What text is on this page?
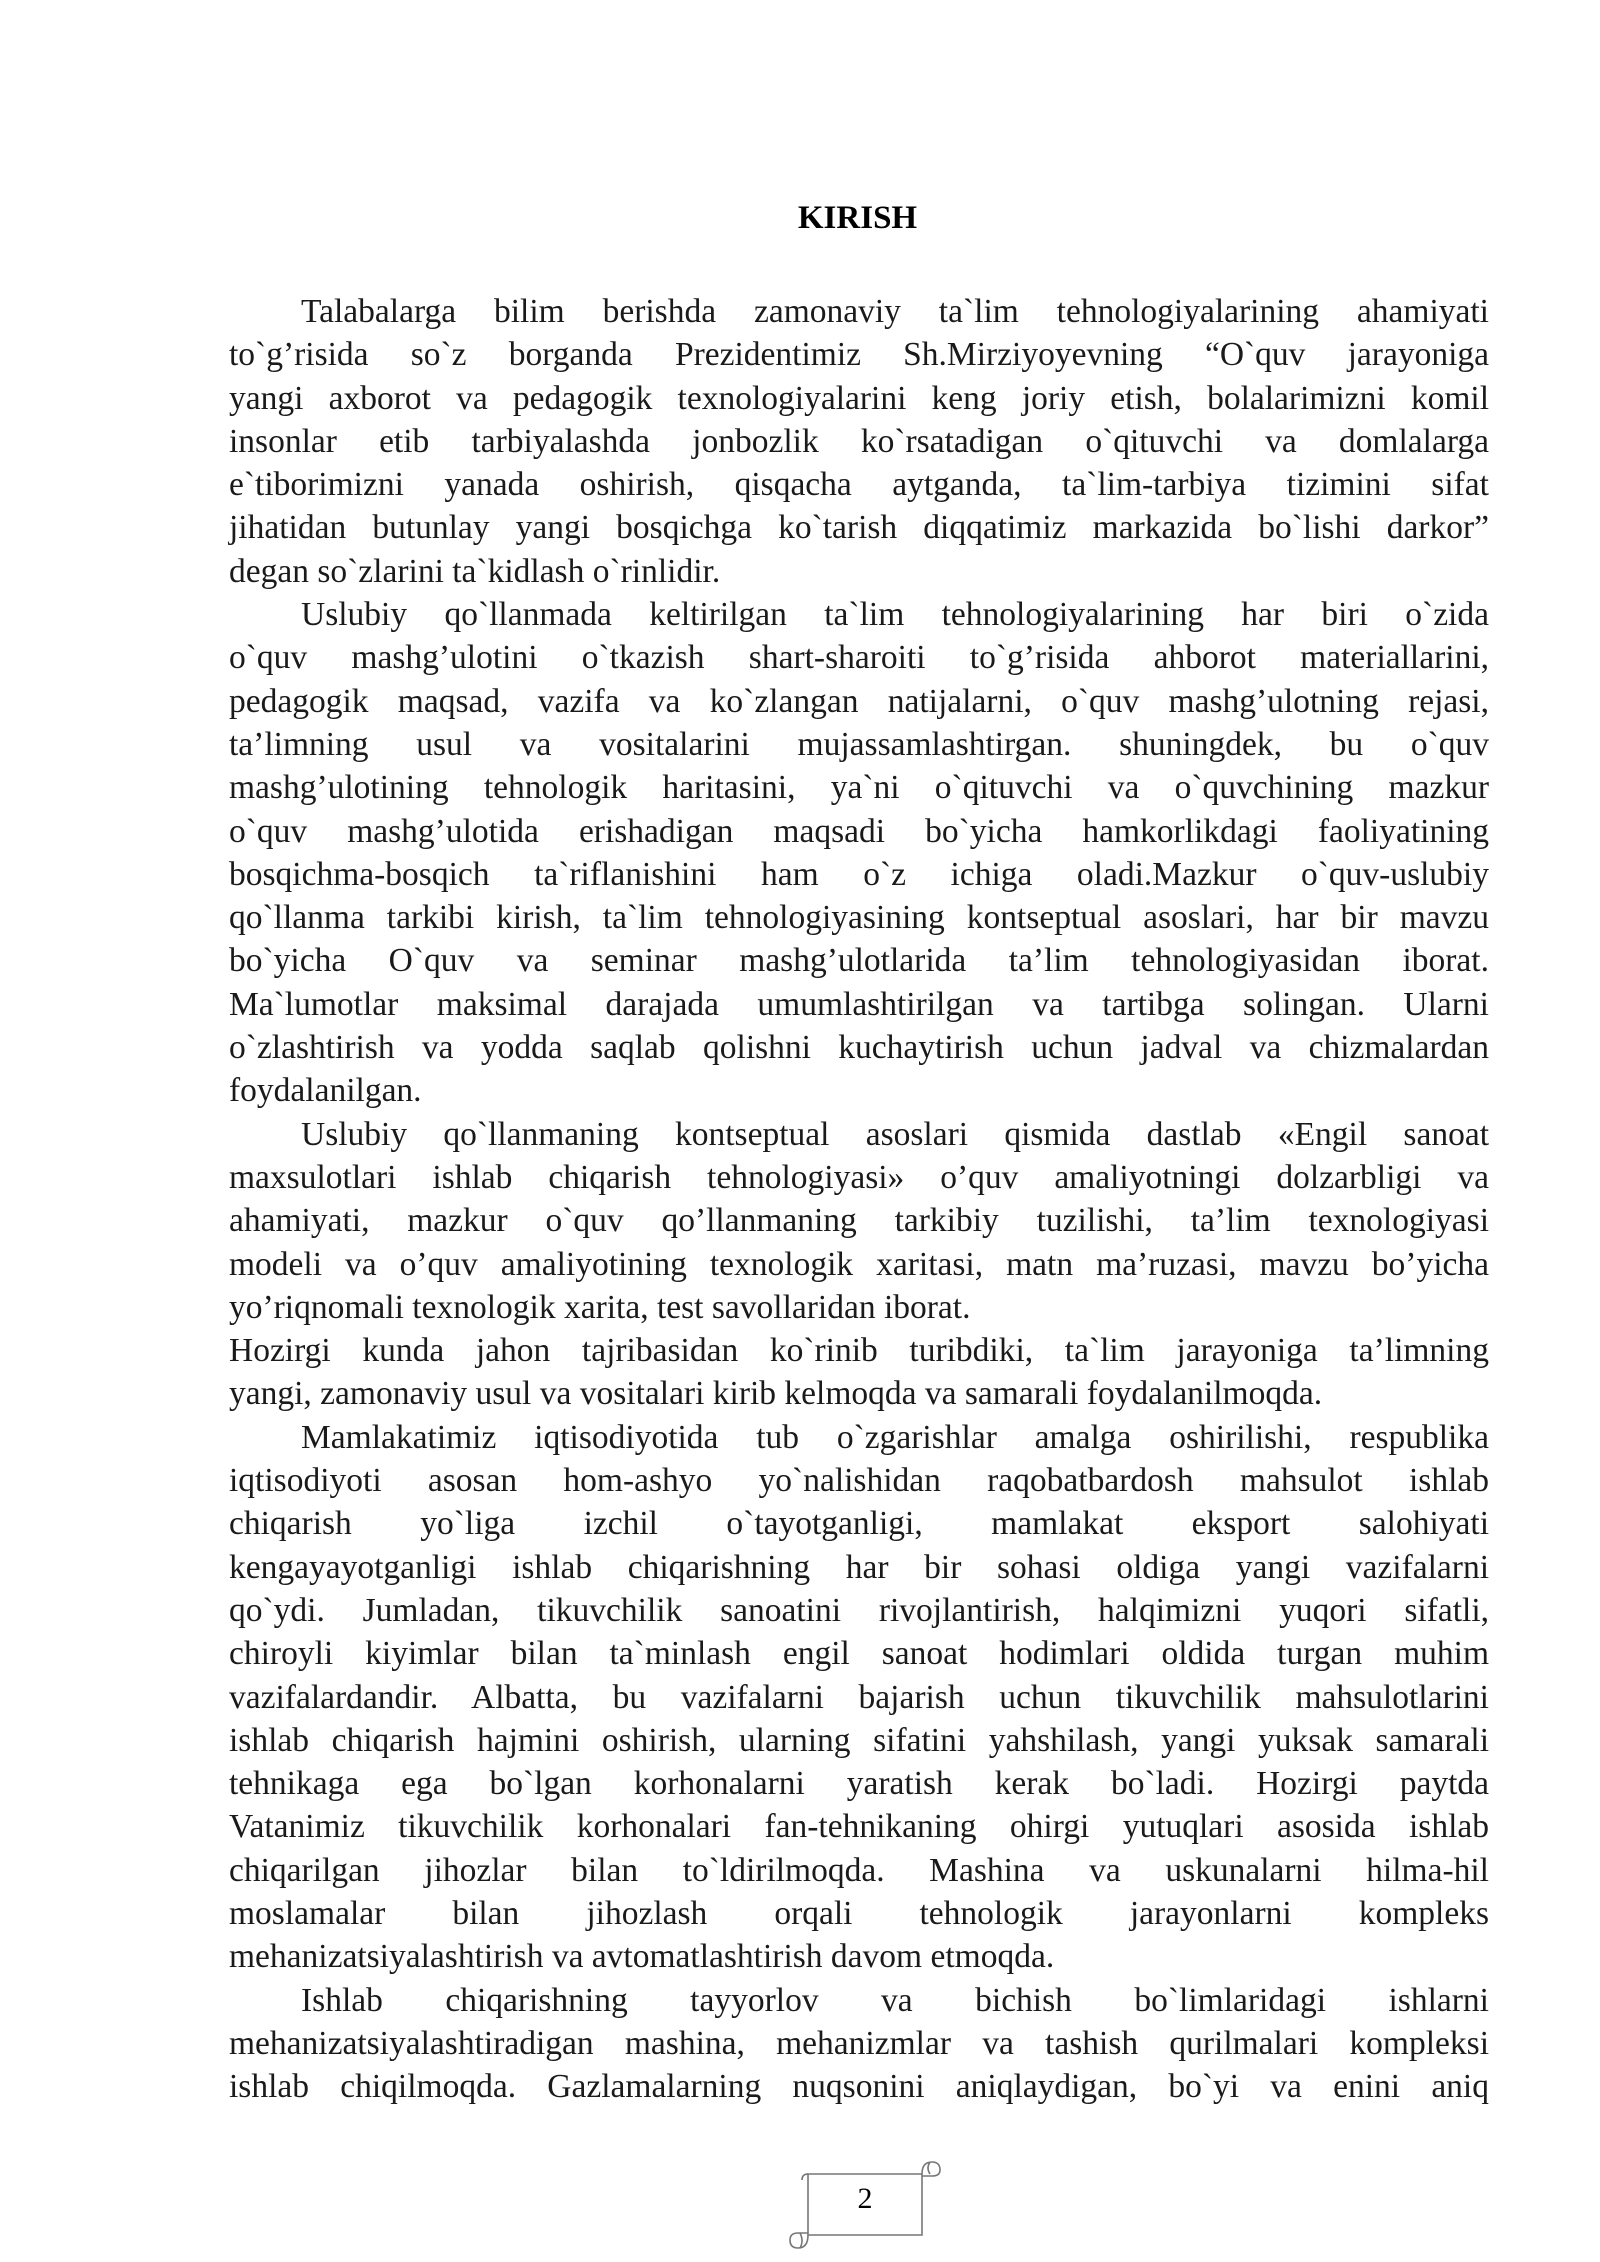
KIRISH
Talabalarga bilim berishda zamonaviy ta`lim tehnologiyalarining ahamiyati
to`g’risida so`z borganda Prezidentimiz Sh.Mirziyoyevning “O`quv jarayoniga
yangi axborot va pedagogik texnologiyalarini keng joriy etish, bolalarimizni komil
insonlar etib tarbiyalashda jonbozlik ko`rsatadigan o`qituvchi va domlalarga
e`tiborimizni yanada oshirish, qisqacha aytganda, ta`lim-tarbiya tizimini sifat
jihatidan butunlay yangi bosqichga ko`tarish diqqatimiz markazida bo`lishi darkor”
degan so`zlarini ta`kidlash o`rinlidir.
Uslubiy qo`llanmada keltirilgan ta`lim tehnologiyalarining har biri o`zida
o`quv mashg’ulotini o`tkazish shart-sharoiti to`g’risida ahborot materiallarini,
pedagogik maqsad, vazifa va ko`zlangan natijalarni, o`quv mashg’ulotning rejasi,
ta’limning usul va vositalarini mujassamlashtirgan. shuningdek, bu o`quv
mashg’ulotining tehnologik haritasini, ya`ni o`qituvchi va o`quvchining mazkur
o`quv mashg’ulotida erishadigan maqsadi bo`yicha hamkorlikdagi faoliyatining
bosqichma-bosqich ta`riflanishini ham o`z ichiga oladi.Mazkur o`quv-uslubiy
qo`llanma tarkibi kirish, ta`lim tehnologiyasining kontseptual asoslari, har bir mavzu
bo`yicha O`quv va seminar mashg’ulotlarida ta’lim tehnologiyasidan iborat.
Ma`lumotlar maksimal darajada umumlashtirilgan va tartibga solingan. Ularni
o`zlashtirish va yodda saqlab qolishni kuchaytirish uchun jadval va chizmalardan
foydalanilgan.
Uslubiy qo`llanmaning kontseptual asoslari qismida dastlab «Engil sanoat
maxsulotlari ishlab chiqarish tehnologiyasi» o’quv amaliyotningi dolzarbligi va
ahamiyati, mazkur o`quv qo’llanmaning tarkibiy tuzilishi, ta’lim texnologiyasi
modeli va o’quv amaliyotining texnologik xaritasi, matn ma’ruzasi, mavzu bo’yicha
yo’riqnomali texnologik xarita, test savollaridan iborat.
Hozirgi kunda jahon tajribasidan ko`rinib turibdiki, ta`lim jarayoniga ta’limning
yangi, zamonaviy usul va vositalari kirib kelmoqda va samarali foydalanilmoqda.
Mamlakatimiz iqtisodiyotida tub o`zgarishlar amalga oshirilishi, respublika
iqtisodiyoti asosan hom-ashyo yo`nalishidan raqobatbardosh mahsulot ishlab
chiqarish yo`liga izchil o`tayotganligi, mamlakat eksport salohiyati
kengayayotganligi ishlab chiqarishning har bir sohasi oldiga yangi vazifalarni
qo`ydi. Jumladan, tikuvchilik sanoatini rivojlantirish, halqimizni yuqori sifatli,
chiroyli kiyimlar bilan ta`minlash engil sanoat hodimlari oldida turgan muhim
vazifalardandir. Albatta, bu vazifalarni bajarish uchun tikuvchilik mahsulotlarini
ishlab chiqarish hajmini oshirish, ularning sifatini yahshilash, yangi yuksak samarali
tehnikaga ega bo`lgan korhonalarni yaratish kerak bo`ladi. Hozirgi paytda
Vatanimiz tikuvchilik korhonalari fan-tehnikaning ohirgi yutuqlari asosida ishlab
chiqarilgan jihozlar bilan to`ldirilmoqda. Mashina va uskunalarni hilma-hil
moslamalar bilan jihozlash orqali tehnologik jarayonlarni kompleks
mehanizatsiyalashtirish va avtomatlashtirish davom etmoqda.
Ishlab chiqarishning tayyorlov va bichish bo`limlaridagi ishlarni
mehanizatsiyalashtiradigan mashina, mehanizmlar va tashish qurilmalari kompleksi
ishlab chiqilmoqda. Gazlamalarning nuqsonini aniqlaydigan, bo`yi va enini aniq
2
